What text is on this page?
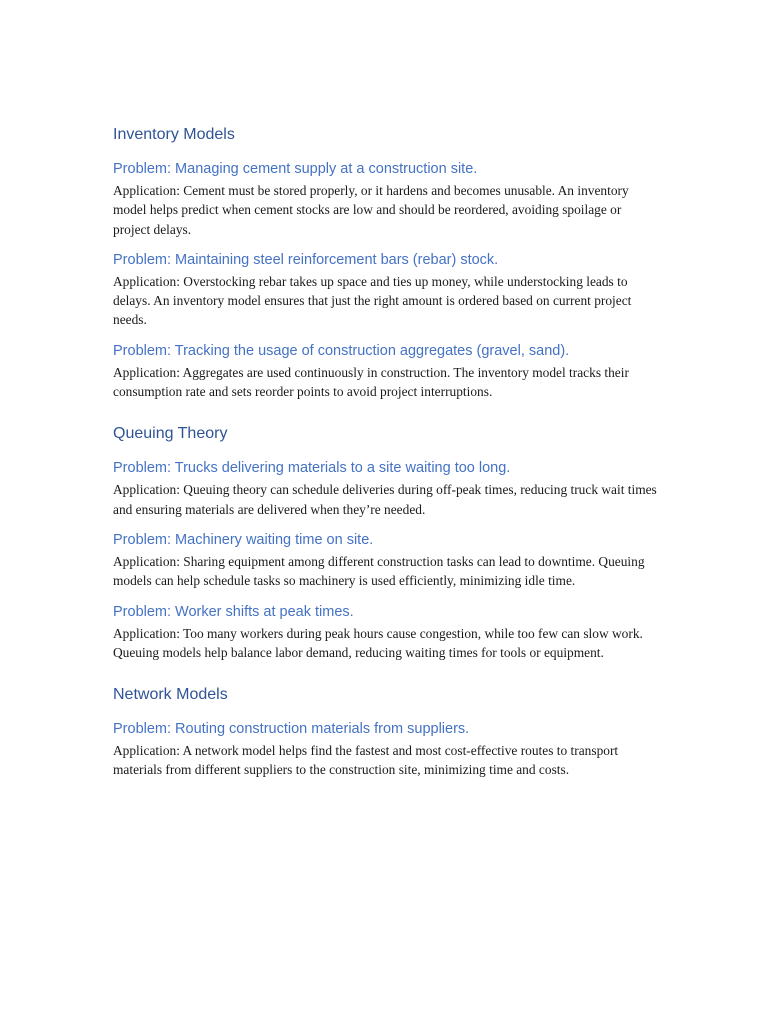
Inventory Models
Problem: Managing cement supply at a construction site.

Application: Cement must be stored properly, or it hardens and becomes unusable. An inventory model helps predict when cement stocks are low and should be reordered, avoiding spoilage or project delays.

Problem: Maintaining steel reinforcement bars (rebar) stock.

Application: Overstocking rebar takes up space and ties up money, while understocking leads to delays. An inventory model ensures that just the right amount is ordered based on current project needs.

Problem: Tracking the usage of construction aggregates (gravel, sand).

Application: Aggregates are used continuously in construction. The inventory model tracks their consumption rate and sets reorder points to avoid project interruptions.

Queuing Theory
Problem: Trucks delivering materials to a site waiting too long.

Application: Queuing theory can schedule deliveries during off-peak times, reducing truck wait times and ensuring materials are delivered when they’re needed.

Problem: Machinery waiting time on site.

Application: Sharing equipment among different construction tasks can lead to downtime. Queuing models can help schedule tasks so machinery is used efficiently, minimizing idle time.

Problem: Worker shifts at peak times.

Application: Too many workers during peak hours cause congestion, while too few can slow work. Queuing models help balance labor demand, reducing waiting times for tools or equipment.

Network Models
Problem: Routing construction materials from suppliers.

Application: A network model helps find the fastest and most cost-effective routes to transport materials from different suppliers to the construction site, minimizing time and costs.
